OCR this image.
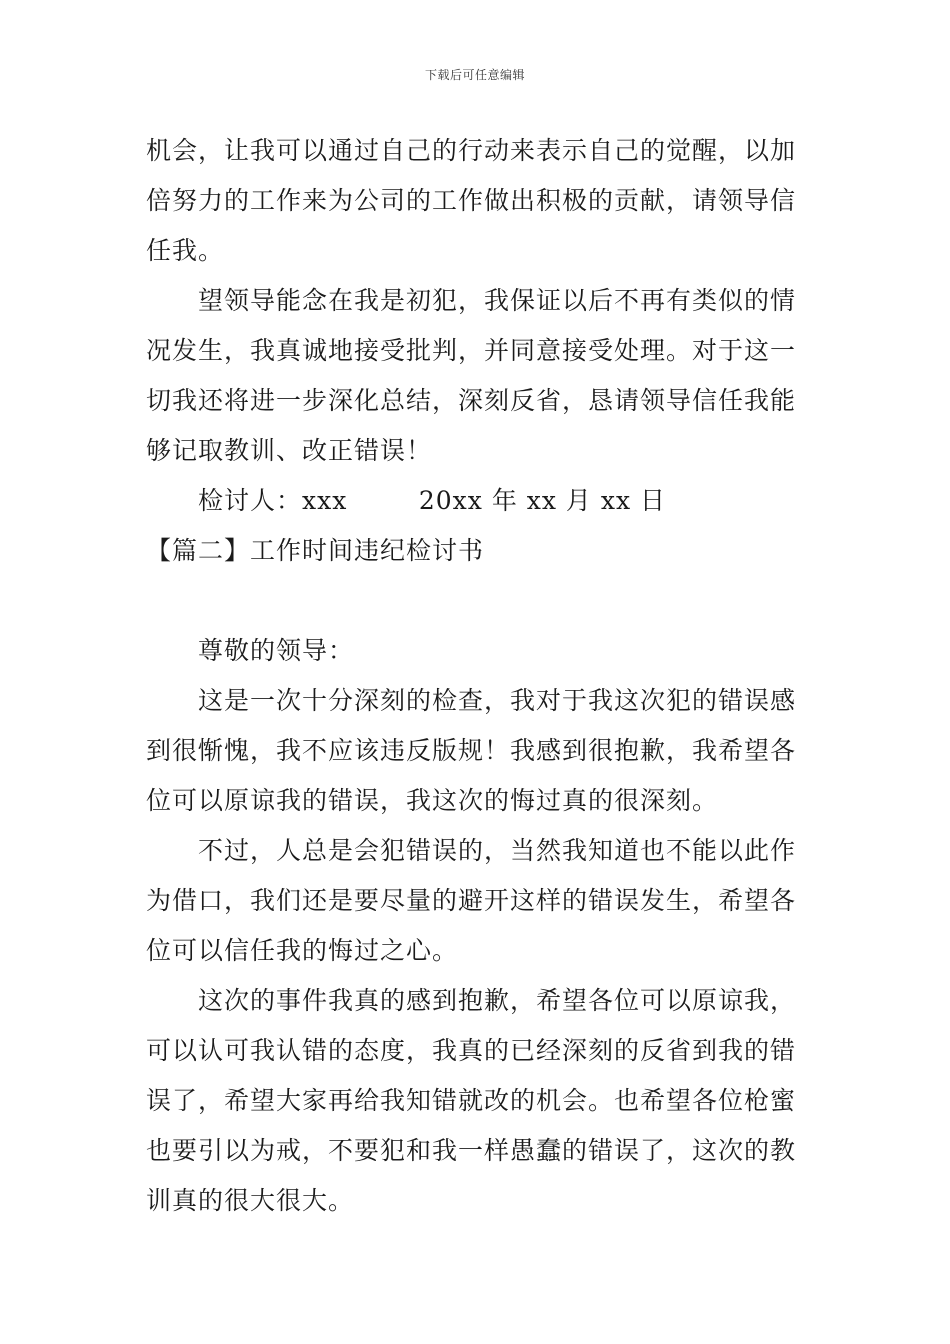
下载后可任意编辑

机会，让我可以通过自己的行动来表示自己的觉醒，以加倍努力的工作来为公司的工作做出积极的贡献，请领导信任我。

望领导能念在我是初犯，我保证以后不再有类似的情况发生，我真诚地接受批判，并同意接受处理。对于这一切我还将进一步深化总结，深刻反省，恳请领导信任我能够记取教训、改正错误！

检讨人：xxx        20xx 年 xx 月 xx 日

【篇二】工作时间违纪检讨书

尊敬的领导：

这是一次十分深刻的检查，我对于我这次犯的错误感到很惭愧，我不应该违反版规！我感到很抱歉，我希望各位可以原谅我的错误，我这次的悔过真的很深刻。

不过，人总是会犯错误的，当然我知道也不能以此作为借口，我们还是要尽量的避开这样的错误发生，希望各位可以信任我的悔过之心。

这次的事件我真的感到抱歉，希望各位可以原谅我，可以认可我认错的态度，我真的已经深刻的反省到我的错误了，希望大家再给我知错就改的机会。也希望各位枪蜜也要引以为戒，不要犯和我一样愚蠢的错误了，这次的教训真的很大很大。
